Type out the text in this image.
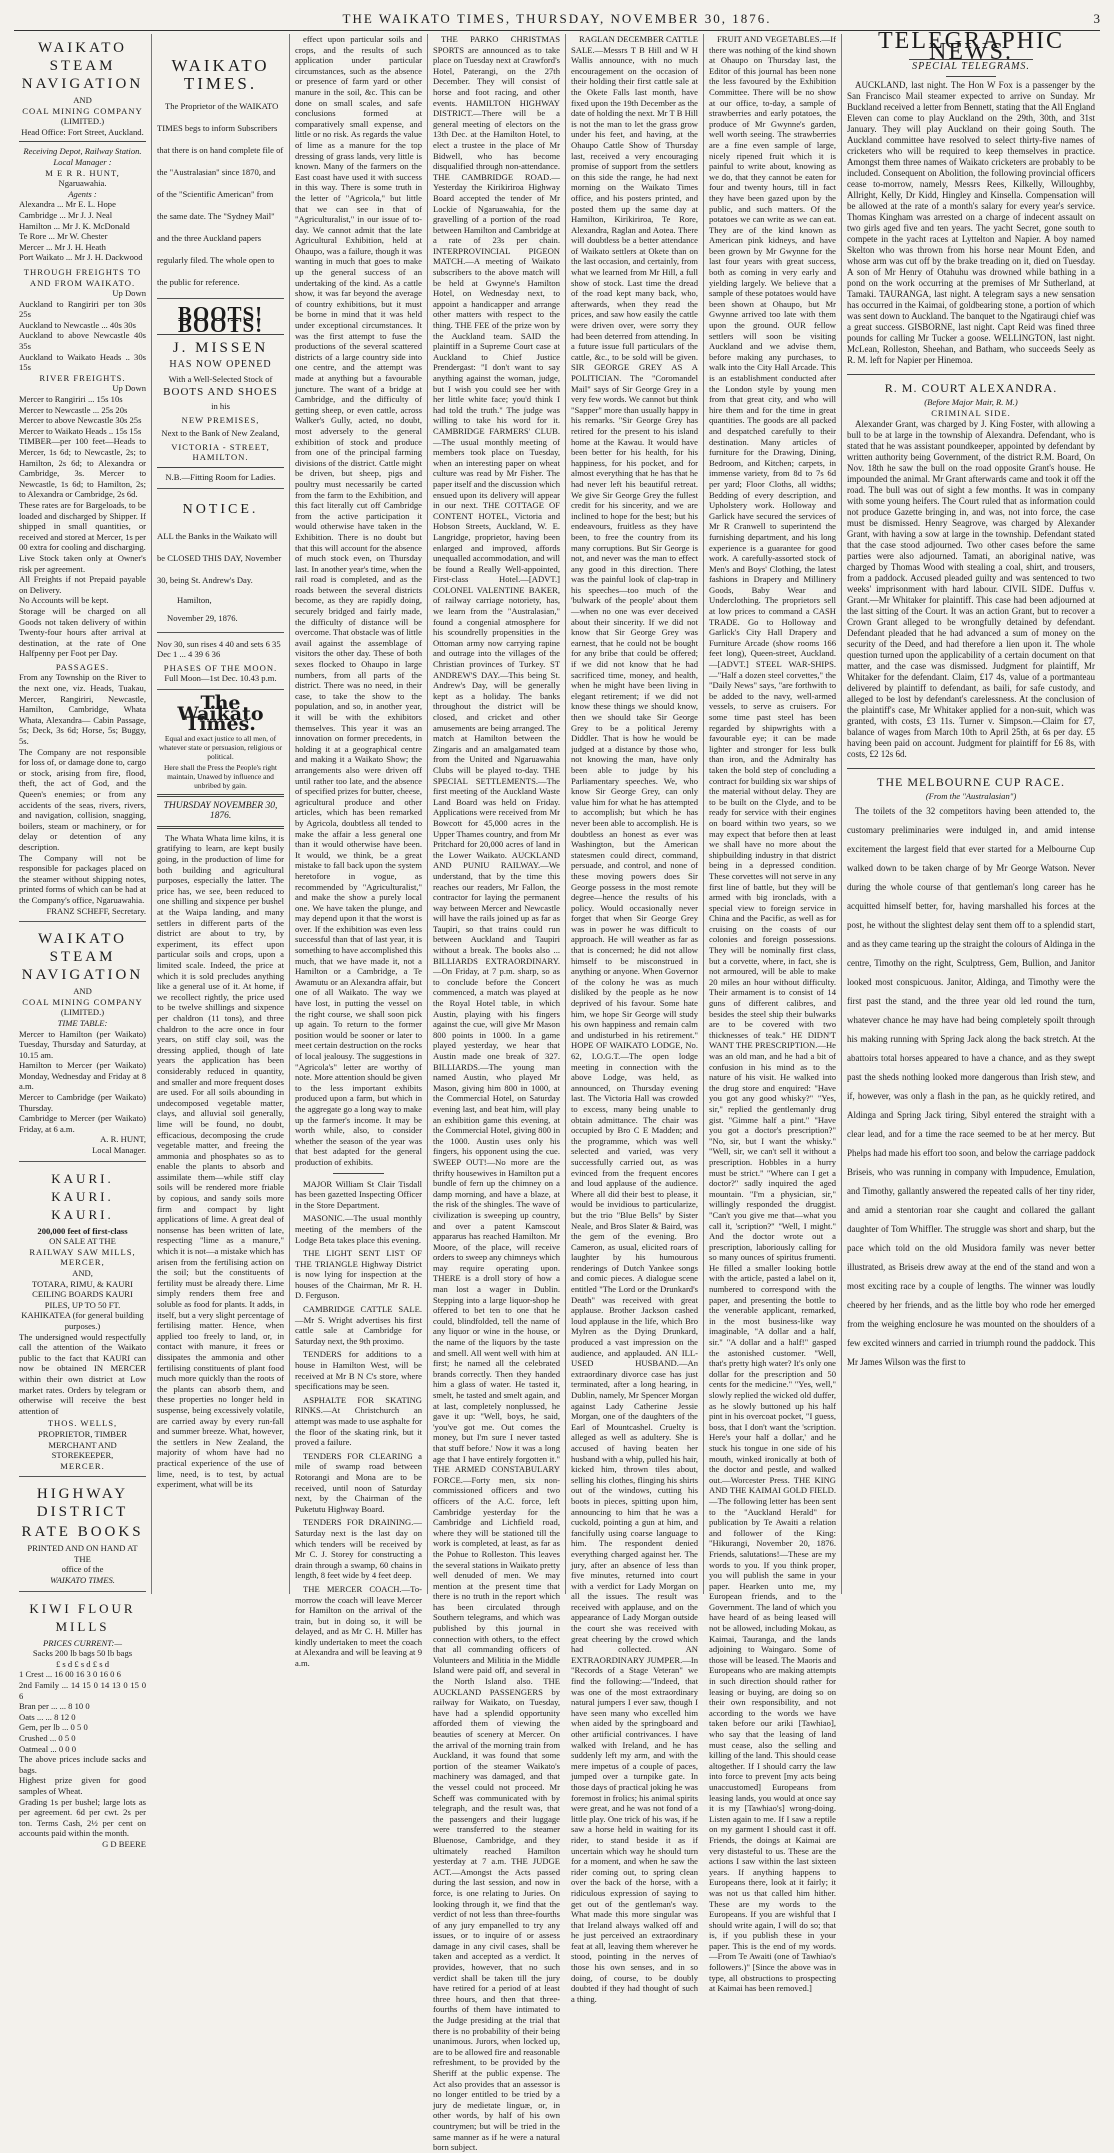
THE WAIKATO TIMES, THURSDAY, NOVEMBER 30, 1876.	3
WAIKATO STEAM NAVIGATION
AND
COAL MINING COMPANY
(LIMITED.)
Head Office: Fort Street, Auckland.
Receiving Depot, Railway Station.
Local Manager :
M E R R. HUNT,
Ngaruawahia.
Agents :
Alexandra ... Mr E. L. Hope
Cambridge ... Mr J. J. Neal
Hamilton ... Mr J. K. McDonald
Te Rore ... Mr W. Chester
Mercer ... Mr J. H. Heath
Port Waikato ... Mr J. H. Dackwood
THROUGH FREIGHTS TO AND FROM WAIKATO.
Up Down
Auckland to Rangiriri per ton 30s 25s
Auckland to Newcastle ... 40s 30s
Auckland to above Newcastle 40s 35s
Auckland to Waikato Heads .. 30s 15s
RIVER FREIGHTS.
Up Down
Mercer to Rangiriri ... 15s 10s
Mercer to Newcastle ... 25s 20s
Mercer to above Newcastle 30s 25s
Mercer to Waikato Heads .. 15s 15s
TIMBER—per 100 feet—Heads to Mercer, 1s 6d; to Newcastle, 2s; to Hamilton, 2s 6d; to Alexandra or Cambridge, 3s. Mercer to Newcastle, 1s 6d; to Hamilton, 2s; to Alexandra or Cambridge, 2s 6d.
These rates are for Bargeloads, to be loaded and discharged by Shipper. If shipped in small quantities, or received and stored at Mercer, 1s per 00 extra for cooling and discharging.
Live Stock taken only at Owner's risk per agreement.
All Freights if not Prepaid payable on Delivery.
No Accounts will be kept.
Storage will be charged on all Goods not taken delivery of within Twenty-four hours after arrival at destination, at the rate of One Halfpenny per Foot per Day.
PASSAGES.
From any Township on the River to the next one, viz. Heads, Tuakau, Mercer, Rangiriri, Newcastle, Hamilton, Cambridge, Whata Whata, Alexandra— Cabin Passage, 5s; Deck, 3s 6d; Horse, 5s; Buggy, 5s.
The Company are not responsible for loss of, or damage done to, cargo or stock, arising from fire, flood, theft, the act of God, and the Queen's enemies; or from any accidents of the seas, rivers, rivers, and navigation, collision, snagging, boilers, steam or machinery, or for delay or detention of any description.
The Company will not be responsible for packages placed on the steamer without shipping notes, printed forms of which can be had at the Company's office, Ngaruawahia.
FRANZ SCHEFF, Secretary.
WAIKATO STEAM NAVIGATION
AND
COAL MINING COMPANY
(LIMITED.)
TIME TABLE:
Mercer to Hamilton (per Waikato) Tuesday, Thursday and Saturday, at 10.15 am.
Hamilton to Mercer (per Waikato) Monday, Wednesday and Friday at 8 a.m.
Mercer to Cambridge (per Waikato) Thursday.
Cambridge to Mercer (per Waikato) Friday, at 6 a.m.
A. R. HUNT,
Local Manager.
KAURI. KAURI. KAURI.
200,000 feet of first-class
ON SALE AT THE
RAILWAY SAW MILLS, MERCER,
AND,
TOTARA, RIMU, & KAURI CEILING BOARDS KAURI PILES, UP TO 50 FT. KAHIKATEA (for general building purposes.)
The undersigned would respectfully call the attention of the Waikato public to the fact that KAURI can now be obtained IN MERCER within their own district at Low market rates. Orders by telegram or otherwise will receive the best attention of
THOS. WELLS,
PROPRIETOR, TIMBER MERCHANT AND STOREKEEPER,
MERCER.
HIGHWAY DISTRICT
RATE BOOKS
PRINTED AND ON HAND AT THE
office of the
WAIKATO TIMES.
KIWI FLOUR MILLS
PRICES CURRENT:—
Sacks 200 lb bags 50 lb bags
£ s d £ s d £ s d
1 Crest ... 16 00 16 3 0 16 0 6
2nd Family ... 14 15 0 14 13 0 15 0 6
Bran per ... ... 8 10 0
Oats ... ... 8 12 0
Gem, per lb ... 0 5 0
Crushed ... 0 5 0
Oatmeal ... 0 0 0
The above prices include sacks and bags.
Highest prize given for good samples of Wheat.
Grading 1s per bushel; large lots as per agreement. 6d per cwt. 2s per ton. Terms Cash, 2½ per cent on accounts paid within the month.
G D BEERE
WAIKATO TIMES.
The Proprietor of the WAIKATO TIMES begs to inform Subscribers that there is on hand complete file of the "Australasian" since 1870, and of the "Scientific American" from the same date. The "Sydney Mail" and the three Auckland papers regularly filed. The whole open to the public for reference.
BOOTS! BOOTS!
J. MISSEN
HAS NOW OPENED
With a Well-Selected Stock of
BOOTS AND SHOES
in his
NEW PREMISES,
Next to the Bank of New Zealand,
VICTORIA - STREET, HAMILTON.
N.B.—Fitting Room for Ladies.
NOTICE.
ALL the Banks in the Waikato will be CLOSED THIS DAY, November 30, being St. Andrew's Day.
Hamilton,
November 29, 1876.
Nov 30, sun rises 4 40 and sets 6 35
Dec 1 ... 4 39 6 36
PHASES OF THE MOON.
Full Moon—1st Dec. 10.43 p.m.
The Waikato Times.
Equal and exact justice to all men, of whatever state or persuasion, religious or political.
Here shall the Press the People's right maintain, Unawed by influence and unbribed by gain.
THURSDAY NOVEMBER 30, 1876.
The Whata Whata lime kilns, it is gratifying to learn, are kept busily going, in the production of lime for both building and agricultural purposes, especially the latter. The price has, we see, been reduced to one shilling and sixpence per bushel at the Waipa landing, and many settlers in different parts of the district are about to try, by experiment, its effect upon particular soils and crops, upon a limited scale. Indeed, the price at which it is sold precludes anything like a general use of it. At home, if we recollect rightly, the price used to be twelve shillings and sixpence per chaldron (11 tons), and three chaldron to the acre once in four years, on stiff clay soil, was the dressing applied, though of late years the application has been considerably reduced in quantity, and smaller and more frequent doses are used. For all soils abounding in undecomposed vegetable matter, clays, and alluvial soil generally, lime will be found, no doubt, efficacious, decomposing the crude vegetable matter, and freeing the ammonia and phosphates so as to enable the plants to absorb and assimilate them—while stiff clay soils will be rendered more friable by copious, and sandy soils more firm and compact by light applications of lime. A great deal of nonsense has been written of late, respecting "lime as a manure," which it is not—a mistake which has arisen from the fertilising action on the soil; but the constituents of fertility must be already there. Lime simply renders them free and soluble as food for plants. It adds, in itself, but a very slight percentage of fertilising matter. Hence, when applied too freely to land, or, in contact with manure, it frees or dissipates the ammonia and other fertilising constituents of plant food much more quickly than the roots of the plants can absorb them, and these properties no longer held in suspense, being excessively volatile, are carried away by every run-fall and summer breeze. What, however, the settlers in New Zealand, the majority of whom have had no practical experience of the use of lime, need, is to test, by actual experiment, what will be its

effect upon particular soils and crops, and the results of such application under particular circumstances, such as the absence or presence of farm yard or other manure in the soil, &c. This can be done on small scales, and safe conclusions formed at comparatively small expense, and little or no risk. As regards the value of lime as a manure for the top dressing of grass lands, very little is known. Many of the farmers on the East coast have used it with success in this way. There is some truth in the letter of "Agricola," but little that we can see in that of "Agriculturalist," in our issue of to-day. We cannot admit that the late Agricultural Exhibition, held at Ohaupo, was a failure, though it was wanting in much that goes to make up the general success of an undertaking of the kind. As a cattle show, it was far beyond the average of country exhibitions, but it must be borne in mind that it was held under exceptional circumstances. It was the first attempt to fuse the productions of the several scattered districts of a large country side into one centre, and the attempt was made at anything but a favourable juncture. The want of a bridge at Cambridge, and the difficulty of getting sheep, or even cattle, across Walker's Gully, acted, no doubt, most adversely to the general exhibition of stock and produce from one of the principal farming divisions of the district. Cattle might be driven, but sheep, pigs and poultry must necessarily be carted from the farm to the Exhibition, and this fact literally cut off Cambridge from the active participation it would otherwise have taken in the Exhibition. There is no doubt but that this will account for the absence of much stock even, on Thursday last. In another year's time, when the rail road is completed, and as the roads between the several districts become, as they are rapidly doing, securely bridged and fairly made, the difficulty of distance will be overcome. That obstacle was of little avail against the assemblage of visitors the other day. These of both sexes flocked to Ohaupo in large numbers, from all parts of the district. There was no need, in their case, to take the show to the population, and so, in another year, it will be with the exhibitors themselves. This year it was an innovation on former precedents, in holding it at a geographical centre and making it a Waikato Show; the arrangements also were driven off until rather too late, and the absence of specified prizes for butter, cheese, agricultural produce and other articles, which has been remarked by Agricola, doubtless all tended to make the affair a less general one than it would otherwise have been. It would, we think, be a great mistake to fall back upon the system heretofore in vogue, as recommended by "Agriculturalist," and make the show a purely local one. We have taken the plunge, and may depend upon it that the worst is over. If the exhibition was even less successful than that of last year, it is something to have accomplished this much, that we have made it, not a Hamilton or a Cambridge, a Te Awamutu or an Alexandra affair, but one of all Waikato. The way we have lost, in putting the vessel on the right course, we shall soon pick up again. To return to the former position would be sooner or later to meet certain destruction on the rocks of local jealousy. The suggestions in "Agricola's" letter are worthy of note. More attention should be given to the less important exhibits produced upon a farm, but which in the aggregate go a long way to make up the farmer's income. It may be worth while, also, to consider whether the season of the year was that best adapted for the general production of exhibits.

MAJOR William St Clair Tisdall has been gazetted Inspecting Officer in the Store Department.

MASONIC.—The usual monthly meeting of the members of the Lodge Beta takes place this evening.

THE LIGHT SENT LIST OF THE TRIANGLE Highway District is now lying for inspection at the houses of the Chairman, Mr R. H. D. Ferguson.

CAMBRIDGE CATTLE SALE.—Mr S. Wright advertises his first cattle sale at Cambridge for Saturday next, the 9th proximo.

TENDERS for additions to a house in Hamilton West, will be received at Mr B N C's store, where specifications may be seen.

ASPHALTE FOR SKATING RINKS.—At Christchurch an attempt was made to use asphalte for the floor of the skating rink, but it proved a failure.

TENDERS FOR CLEARING a mile of swamp road between Rotorangi and Mona are to be received, until noon of Saturday next, by the Chairman of the Puketutu Highway Board.

TENDERS FOR DRAINING.—Saturday next is the last day on which tenders will be received by Mr C. J. Storey for constructing a drain through a swamp, 60 chains in length, 8 feet wide by 4 feet deep.

THE MERCER COACH.—To-morrow the coach will leave Mercer for Hamilton on the arrival of the train, but in doing so, it will be delayed, and as Mr C. H. Miller has kindly undertaken to meet the coach at Alexandra and will be leaving at 9 a.m.

THE PARKO CHRISTMAS SPORTS are announced as to take place on Tuesday next at Crawford's Hotel, Paterangi, on the 27th December. They will consist of horse and foot racing, and other events. HAMILTON HIGHWAY DISTRICT.—There will be a general meeting of electors on the 13th Dec. at the Hamilton Hotel, to elect a trustee in the place of Mr Bidwell, who has become disqualified through non-attendance. THE CAMBRIDGE ROAD.—Yesterday the Kirikiriroa Highway Board accepted the tender of Mr Lockie of Ngaruawahia, for the gravelling of a portion of the road between Hamilton and Cambridge at a rate of 23s per chain. INTERPROVINCIAL PIGEON MATCH.—A meeting of Waikato subscribers to the above match will be held at Gwynne's Hamilton Hotel, on Wednesday next, to appoint a handicapper and arrange other matters with respect to the thing. THE FEE of the prize won by the Auckland team. SAID the plaintiff in a Supreme Court case at Auckland to Chief Justice Prendergast: "I don't want to say anything against the woman, judge, but I wish you could see her with her little white face; you'd think I had told the truth." The judge was willing to take his word for it. CAMBRIDGE FARMERS' CLUB.—The usual monthly meeting of members took place on Tuesday, when an interesting paper on wheat culture was read by Mr Fisher. The paper itself and the discussion which ensued upon its delivery will appear in our next. THE COTTAGE OF CONTENT HOTEL, Victoria and Hobson Streets, Auckland, W. E. Langridge, proprietor, having been enlarged and improved, affords unequalled accommodation, and will be found a Really Well-appointed, First-class Hotel.—[ADVT.] COLONEL VALENTINE BAKER, of railway carriage notoriety, has, we learn from the "Australasian," found a congenial atmosphere for his scoundrelly propensities in the Ottoman army now carrying rapine and outrage into the villages of the Christian provinces of Turkey. ST ANDREW'S DAY.—This being St. Andrew's Day, will be generally kept as a holiday. The banks throughout the district will be closed, and cricket and other amusements are being arranged. The match at Hamilton between the Zingaris and an amalgamated team from the United and Ngaruawahia Clubs will be played to-day. THE SPECIAL SETTLEMENTS.—The first meeting of the Auckland Waste Land Board was held on Friday. Applications were received from Mr Bowcott for 45,000 acres in the Upper Thames country, and from Mr Pritchard for 20,000 acres of land in the Lower Waikato. AUCKLAND AND PUNIU RAILWAY.—We understand, that by the time this reaches our readers, Mr Fallon, the contractor for laying the permanent way between Mercer and Newcastle will have the rails joined up as far as Taupiri, so that trains could run between Auckland and Taupiri without a break. The books also ... BILLIARDS EXTRAORDINARY.—On Friday, at 7 p.m. sharp, so as to conclude before the Concert commenced, a match was played at the Royal Hotel table, in which Austin, playing with his fingers against the cue, will give Mr Mason 800 points in 1000. In a game played yesterday, we hear that Austin made one break of 327. BILLIARDS.—The young man named Austin, who played Mr Mason, giving him 800 in 1000, at the Commercial Hotel, on Saturday evening last, and beat him, will play an exhibition game this evening, at the Commercial Hotel, giving 800 in the 1000. Austin uses only his fingers, his opponent using the cue. SWEEP OUT!—No more are the thrifty housewives in Hamilton put a bundle of fern up the chimney on a damp morning, and have a blaze, at the risk of the shingles. The wave of civilization is sweeping up country, and over a patent Kamscout appararus has reached Hamilton. Mr Moore, of the place, will receive orders to sweep any chimneys which may require operating upon. THERE is a droll story of how a man lost a wager in Dublin. Stepping into a large liquor-shop he offered to bet ten to one that he could, blindfolded, tell the name of any liquor or wine in the house, or the name of the liquors by the taste and smell. All went well with him at first; he named all the celebrated brands correctly. Then they handed him a glass of water. He tasted it, smelt, he tasted and smelt again, and at last, completely nonplussed, he gave it up: "Well, boys, he said, 'you've got me. Out comes the money, but I'm sure I never tasted that stuff before.' Now it was a long age that I have entirely forgotten it." THE ARMED CONSTABULARY FORCE.—Forty men, six non-commissioned officers and two officers of the A.C. force, left Cambridge yesterday for the Cambridge and Lichfield road, where they will be stationed till the work is completed, at least, as far as the Pohue to Rolleston. This leaves the several stations in Waikato pretty well denuded of men. We may mention at the present time that there is no truth in the report which has been circulated through Southern telegrams, and which was published by this journal in connection with others, to the effect that all commanding officers of Volunteers and Militia in the Middle Island were paid off, and several in the North Island also. THE AUCKLAND PASSENGERS by railway for Waikato, on Tuesday, have had a splendid opportunity afforded them of viewing the beauties of scenery at Mercer. On the arrival of the morning train from Auckland, it was found that some portion of the steamer Waikato's machinery was damaged, and that the vessel could not proceed. Mr Scheff was communicated with by telegraph, and the result was, that the passengers and their luggage were transferred to the steamer Bluenose, Cambridge, and they ultimately reached Hamilton yesterday at 7 a.m. THE JUDGE ACT.—Amongst the Acts passed during the last session, and now in force, is one relating to Juries. On looking through it, we find that the verdict of not less than three-fourths of any jury empanelled to try any issues, or to inquire of or assess damage in any civil cases, shall be taken and accepted as a verdict. It provides, however, that no such verdict shall be taken till the jury have retired for a period of at least three hours, and then that three-fourths of them have intimated to the Judge presiding at the trial that there is no probability of their being unanimous. Jurors, when locked up, are to be allowed fire and reasonable refreshment, to be provided by the Sheriff at the public expense. The Act also provides that an assessor is no longer entitled to be tried by a jury de medietate linguæ, or, in other words, by half of his own countrymen; but will be tried in the same manner as if he were a natural born subject.
RAGLAN DECEMBER CATTLE SALE.—Messrs T B Hill and W H Wallis announce, with no much encouragement on the occasion of their holding their first cattle sale at the Okete Falls last month, have fixed upon the 19th December as the date of holding the next. Mr T B Hill is not the man to let the grass grow under his feet, and having, at the Ohaupo Cattle Show of Thursday last, received a very encouraging promise of support from the settlers on this side the range, he had next morning on the Waikato Times office, and his posters printed, and posted them up the same day at Hamilton, Kirikiriroa, Te Rore, Alexandra, Raglan and Aotea. There will doubtless be a better attendance of Waikato settlers at Okete than on the last occasion, and certainly, from what we learned from Mr Hill, a full show of stock. Last time the dread of the road kept many back, who, afterwards, when they read the prices, and saw how easily the cattle were driven over, were sorry they had been deterred from attending. In a future issue full particulars of the cattle, &c., to be sold will be given. SIR GEORGE GREY AS A POLITICIAN. The "Coromandel Mail" says of Sir George Grey in a very few words. We cannot but think "Sapper" more than usually happy in his remarks. "Sir George Grey has retired for the present to his island home at the Kawau. It would have been better for his health, for his happiness, for his pocket, and for almost everything that he has that he had never left his beautiful retreat. We give Sir George Grey the fullest credit for his sincerity, and we are inclined to hope for the best; but his endeavours, fruitless as they have been, to free the country from its many corruptions. But Sir George is not, and never was the man to effect any good in this direction. There was the painful look of clap-trap in his speeches—too much of the 'bulwark of the people' about them—when no one was ever deceived about their sincerity. If we did not know that Sir George Grey was earnest, that he could not be bought for any bribe that could be offered; if we did not know that he had sacrificed time, money, and health, when he might have been living in elegant retirement; if we did not know these things we should know, then we should take Sir George Grey to be a political Jeremy Diddler. That is how he would be judged at a distance by those who, not knowing the man, have only been able to judge by his Parliamentary speeches. We, who know Sir George Grey, can only value him for what he has attempted to accomplish; but which he has never been able to accomplish. He is doubtless an honest as ever was Washington, but the American statesmen could direct, command, persuade, and control, and none of these moving powers does Sir George possess in the most remote degree—hence the results of his policy. Would occasionally never forget that when Sir George Grey was in power he was difficult to approach. He will weather as far as that is concerned; he did not allow himself to be misconstrued in anything or anyone. When Governor of the colony he was as much disliked by the people as he now deprived of his favour. Some hate him, we hope Sir George will study his own happiness and remain calm and undisturbed in his retirement." HOPE OF WAIKATO LODGE, No. 62, I.O.G.T.—The open lodge meeting in connection with the above Lodge, was held, as announced, on Thursday evening last. The Victoria Hall was crowded to excess, many being unable to obtain admittance. The chair was occupied by Bro C E Madden; and the programme, which was well selected and varied, was very successfully carried out, as was evinced from the frequent encores and loud applause of the audience. Where all did their best to please, it would be invidious to particularize, but the trio "Blue Bells" by Sister Neale, and Bros Slater & Baird, was the gem of the evening. Bro Cameron, as usual, elicited roars of laughter by his humourous renderings of Dutch Yankee songs and comic pieces. A dialogue scene entitled "The Lord or the Drunkard's Death" was received with great applause. Brother Jackson cashed loud applause in the life, which Bro Mylren as the Dying Drunkard, produced a vast impression on the audience, and applauded. AN ILL-USED HUSBAND.—An extraordinary divorce case has just terminated, after a long hearing, in Dublin, namely, Mr Spencer Morgan against Lady Catherine Jessie Morgan, one of the daughters of the Earl of Mountcashel. Cruelty is alleged as well as adultery. She is accused of having beaten her husband with a whip, pulled his hair, kicked him, thrown tiles about, selling his clothes, flinging his shirts out of the windows, cutting his boots in pieces, spitting upon him, announcing to him that he was a cuckold, pointing a gun at him, and fancifully using coarse language to him. The respondent denied everything charged against her. The jury, after an absence of less than five minutes, returned into court with a verdict for Lady Morgan on all the issues. The result was received with applause, and on the appearance of Lady Morgan outside the court she was received with great cheering by the crowd which had collected. AN EXTRAORDINARY JUMPER.—In "Records of a Stage Veteran" we find the following:—"Indeed, that was one of the most extraordinary natural jumpers I ever saw, though I have seen many who excelled him when aided by the springboard and other artificial contrivances. I have walked with Ireland, and he has suddenly left my arm, and with the mere impetus of a couple of paces, jumped over a turnpike gate. In those days of practical joking he was foremost in frolics; his animal spirits were great, and he was not fond of a little play. One trick of his was, if he saw a horse held in waiting for its rider, to stand beside it as if uncertain which way he should turn for a moment, and when he saw the rider coming out, to spring clean over the back of the horse, with a ridiculous expression of saying to get out of the gentleman's way. What made this more singular was that Ireland always walked off and he just perceived an extraordinary feat at all, leaving them wherever he stood, pointing in the nerves of those his own senses, and in so doing, of course, to be doubly doubted if they had thought of such a thing.
FRUIT AND VEGETABLES.—If there was nothing of the kind shown at Ohaupo on Thursday last, the Editor of this journal has been none the less favoured by the Exhibition Committee. There will be no show at our office, to-day, a sample of strawberries and early potatoes, the produce of Mr Gwynne's garden, well worth seeing. The strawberries are a fine even sample of large, nicely ripened fruit which it is painful to write about, knowing as we do, that they cannot be eaten for four and twenty hours, till in fact they have been gazed upon by the public, and such matters. Of the potatoes we can write as we can eat. They are of the kind known as American pink kidneys, and have been grown by Mr Gwynne for the last four years with great success, both as coming in very early and yielding largely. We believe that a sample of these potatoes would have been shown at Ohaupo, but Mr Gwynne arrived too late with them upon the ground. OUR fellow settlers will soon be visiting Auckland and we advise them, before making any purchases, to walk into the City Hall Arcade. This is an establishment conducted after the London style by young men from that great city, and who will hire them and for the time in great quantities. The goods are all packed and despatched carefully to their destination. Many articles of furniture for the Drawing, Dining, Bedroom, and Kitchen; carpets, in immense variety, from 8d to 7s 6d per yard; Floor Cloths, all widths; Bedding of every description, and Upholstery work. Holloway and Garlick have secured the services of Mr R Cranwell to superintend the furnishing department, and his long experience is a guarantee for good work. A carefully-assorted stock of Men's and Boys' Clothing, the latest fashions in Drapery and Millinery Goods, Baby Wear and Underclothing. The proprietors sell at low prices to command a CASH TRADE. Go to Holloway and Garlick's City Hall Drapery and Furniture Arcade (show rooms 166 feet long), Queen-street, Auckland.—[ADVT.] STEEL WAR-SHIPS.—"Half a dozen steel corvettes," the "Daily News" says, "are forthwith to be added to the navy, well-armed vessels, to serve as cruisers. For some time past steel has been regarded by shipwrights with a favourable eye; it can be made lighter and stronger for less bulk than iron, and the Admiralty has taken the bold step of concluding a contract for building six war ships of the material without delay. They are to be built on the Clyde, and to be ready for service with their engines on board within two years, so we may expect that before then at least we shall have no more about the shipbuilding industry in that district being in a depressed condition. These corvettes will not serve in any first line of battle, but they will be armed with big ironclads, with a special view to foreign service in China and the Pacific, as well as for cruising on the coasts of our colonies and foreign possessions. They will be nominally first class, but a corvette, where, in fact, she is not armoured, will be able to make 20 miles an hour without difficulty. Their armament is to consist of 14 guns of different calibres, and besides the steel ship their bulwarks are to be covered with two thicknesses of teak." HE DIDN'T WANT THE PRESCRIPTION.—He was an old man, and he had a bit of confusion in his mind as to the nature of his visit. He walked into the drug store and enquired: "Have you got any good whisky?" "Yes, sir," replied the gentlemanly drug gist. "Gimme half a pint." "Have you got a doctor's prescription?" "No, sir, but I want the whisky." "Well, sir, we can't sell it without a prescription. Hobbles in a hurry must be strict." "Where can I get a doctor?" sadly inquired the aged mountain. "I'm a physician, sir," willingly responded the druggist. "Can't you give me that—what you call it, 'scription?" "Well, I might." And the doctor wrote out a prescription, laboriously calling for so many ounces of spiritus frumenti. He filled a smaller looking bottle with the article, pasted a label on it, numbered to correspond with the paper, and presenting the bottle to the venerable applicant, remarked, in the most business-like way imaginable, "A dollar and a half, sir." "A dollar and a half!" gasped the astonished customer. "Well, that's pretty high water? It's only one dollar for the prescription and 50 cents for the medicine." "Yes, well," slowly replied the wicked old duffer, as he slowly buttoned up his half pint in his overcoat pocket, "I guess, boss, that I don't want the 'scription. Here's your half a dollar,' and he stuck his tongue in one side of his mouth, winked ironically at both of the doctor and pestle, and walked out.—Worcester Press. THE KING AND THE KAIMAI GOLD FIELD.—The following letter has been sent to the "Auckland Herald" for publication by Te Awaiti a relation and follower of the King: "Hikurangi, November 20, 1876. Friends, salutations!—These are my words to you. If you think proper, you will publish the same in your paper. Hearken unto me, my European friends, and to the Government. The land of which you have heard of as being leased will not be allowed, including Mokau, as Kaimai, Tauranga, and the lands adjoining to Waingaro. Some of those will be leased. The Maoris and Europeans who are making attempts in such direction should rather for leasing or buying, are doing so on their own responsibility, and not according to the words we have taken before our ariki [Tawhiao], who say that the leasing of land must cease, also the selling and killing of the land. This should cease altogether. If I should carry the law into force to prevent [my acts being unaccustomed] Europeans from leasing lands, you would at once say it is my [Tawhiao's] wrong-doing. Listen again to me. If I saw a reptile on my garment I should cast it off. Friends, the doings at Kaimai are very distasteful to us. These are the actions I saw within the last sixteen years. If anything happens to Europeans there, look at it fairly; it was not us that called him hither. These are my words to the Europeans. If you are wishful that I should write again, I will do so; that is, if you publish these in your paper. This is the end of my words.—From Te Awaiti (one of Tawhiao's followers.)" [Since the above was in type, all obstructions to prospecting at Kaimai has been removed.]
TELEGRAPHIC NEWS.
SPECIAL TELEGRAMS.
AUCKLAND, last night. The Hon W Fox is a passenger by the San Francisco Mail steamer expected to arrive on Sunday. Mr Buckland received a letter from Bennett, stating that the All England Eleven can come to play Auckland on the 29th, 30th, and 31st January. They will play Auckland on their going South. The Auckland committee have resolved to select thirty-five names of cricketers who will be required to keep themselves in practice. Amongst them three names of Waikato cricketers are probably to be included. Consequent on Abolition, the following provincial officers cease to-morrow, namely, Messrs Rees, Kilkelly, Willoughby, Allright, Kelly, Dr Kidd, Hingley and Kinsella. Compensation will be allowed at the rate of a month's salary for every year's service. Thomas Kingham was arrested on a charge of indecent assault on two girls aged five and ten years. The yacht Secret, gone south to compete in the yacht races at Lyttelton and Napier. A boy named Skelton who was thrown from his horse near Mount Eden, and whose arm was cut off by the brake treading on it, died on Tuesday. A son of Mr Henry of Otahuhu was drowned while bathing in a pond on the work occurring at the premises of Mr Sutherland, at Tamaki. TAURANGA, last night. A telegram says a new sensation has occurred in the Kaimai, of goldbearing stone, a portion of which was sent down to Auckland. The banquet to the Ngatiraugi chief was a great success. GISBORNE, last night. Capt Reid was fined three pounds for calling Mr Tucker a goose. WELLINGTON, last night. McLean, Rolleston, Sheehan, and Batham, who succeeds Seely as R. M. left for Napier per Hinemoa.
R. M. COURT ALEXANDRA.
(Before Major Mair, R. M.)
CRIMINAL SIDE.
Alexander Grant, was charged by J. King Foster, with allowing a bull to be at large in the township of Alexandra. Defendant, who is stated that he was assistant poundkeeper, appointed by defendant by written authority being Government, of the district R.M. Board, On Nov. 18th he saw the bull on the road opposite Grant's house. He impounded the animal. Mr Grant afterwards came and took it off the road. The bull was out of sight a few months. It was in company with some young heifers. The Court ruled that as information could not produce Gazette bringing in, and was, not into force, the case must be dismissed. Henry Seagrove, was charged by Alexander Grant, with having a sow at large in the township. Defendant stated that the case stood adjourned. Two other cases before the same parties were also adjourned. Tamati, an aboriginal native, was charged by Thomas Wood with stealing a coal, shirt, and trousers, from a paddock. Accused pleaded guilty and was sentenced to two weeks' imprisonment with hard labour. CIVIL SIDE. Duffus v. Grant.—Mr Whitaker for plaintiff. This case had been adjourned at the last sitting of the Court. It was an action Grant, but to recover a Crown Grant alleged to be wrongfully detained by defendant. Defendant pleaded that he had advanced a sum of money on the security of the Deed, and had therefore a lien upon it. The whole question turned upon the applicability of a certain document on that matter, and the case was dismissed. Judgment for plaintiff, Mr Whitaker for the defendant. Claim, £17 4s, value of a portmanteau delivered by plaintiff to defendant, as baili, for safe custody, and alleged to be lost by defendant's carelessness. At the conclusion of the plaintiff's case, Mr Whitaker applied for a non-suit, which was granted, with costs, £3 11s. Turner v. Simpson.—Claim for £7, balance of wages from March 10th to April 25th, at 6s per day. £5 having been paid on account. Judgment for plaintiff for £6 8s, with costs, £2 12s 6d.
THE MELBOURNE CUP RACE.
(From the "Australasian")
The toilets of the 32 competitors having been attended to, the customary preliminaries were indulged in, and amid intense excitement the largest field that ever started for a Melbourne Cup walked down to be taken charge of by Mr George Watson. Never during the whole course of that gentleman's long career has he acquitted himself better, for, having marshalled his forces at the post, he without the slightest delay sent them off to a splendid start, and as they came tearing up the straight the colours of Aldinga in the centre, Timothy on the right, Sculptress, Gem, Bullion, and Janitor looked most conspicuous. Janitor, Aldinga, and Timothy were the first past the stand, and the three year old led round the turn, whatever chance he may have had being completely spoilt through his making running with Spring Jack along the back stretch. At the abattoirs total horses appeared to have a chance, and as they swept past the sheds nothing looked more dangerous than Irish stew, and if, however, was only a flash in the pan, as he quickly retired, and Aldinga and Spring Jack tiring, Sibyl entered the straight with a clear lead, and for a time the race seemed to be at her mercy. But Phelps had made his effort too soon, and below the carriage paddock Briseis, who was running in company with Impudence, Emulation, and Timothy, gallantly answered the repeated calls of her tiny rider, and amid a stentorian roar she caught and collared the gallant daughter of Tom Whiffler. The struggle was short and sharp, but the pace which told on the old Musidora family was never better illustrated, as Briseis drew away at the end of the stand and won a most exciting race by a couple of lengths. The winner was loudly cheered by her friends, and as the little boy who rode her emerged from the weighing enclosure he was mounted on the shoulders of a few excited winners and carried in triumph round the paddock. This Mr James Wilson was the first to
